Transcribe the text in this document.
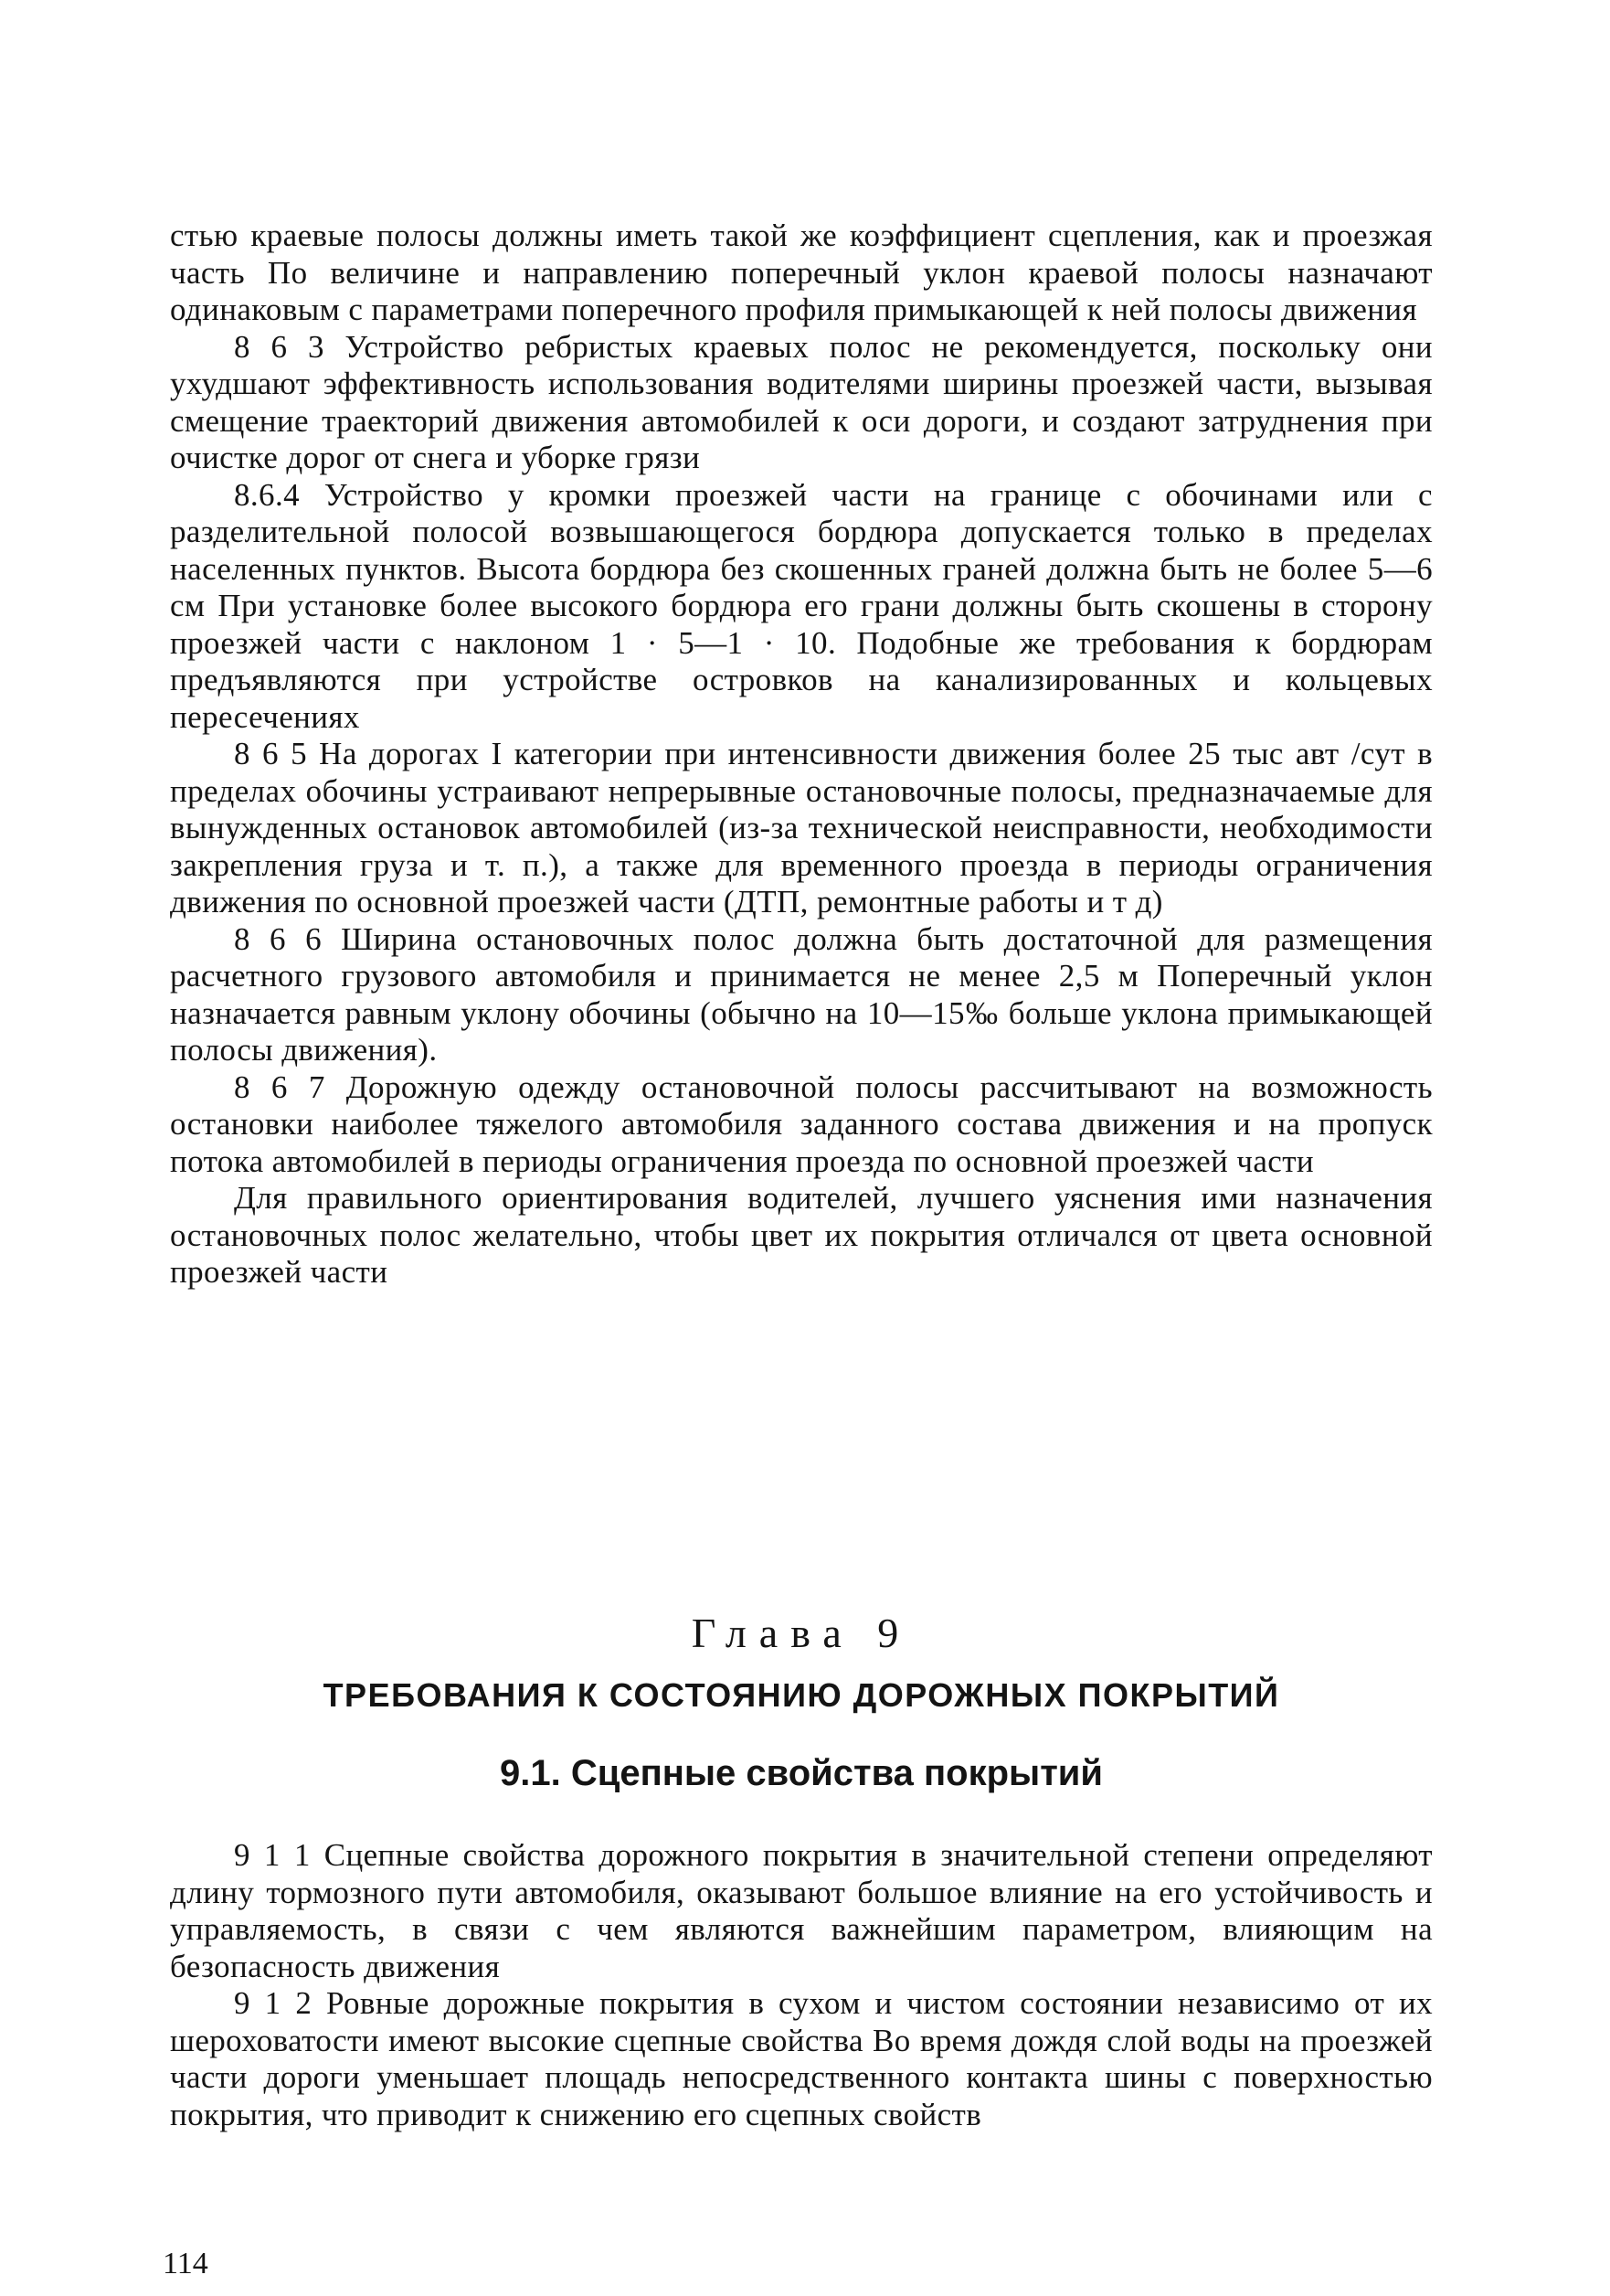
стью краевые полосы должны иметь такой же коэффициент сцепления, как и проезжая часть По величине и направлению поперечный уклон краевой полосы назначают одинаковым с параметрами поперечного профиля примыкающей к ней полосы движения

8 6 3 Устройство ребристых краевых полос не рекомендуется, поскольку они ухудшают эффективность использования водителями ширины проезжей части, вызывая смещение траекторий движения автомобилей к оси дороги, и создают затруднения при очистке дорог от снега и уборке грязи

8.6.4 Устройство у кромки проезжей части на границе с обочинами или с разделительной полосой возвышающегося бордюра допускается только в пределах населенных пунктов. Высота бордюра без скошенных граней должна быть не более 5—6 см При установке более высокого бордюра его грани должны быть скошены в сторону проезжей части с наклоном 1 · 5—1 · 10. Подобные же требования к бордюрам предъявляются при устройстве островков на канализированных и кольцевых пересечениях

8 6 5 На дорогах I категории при интенсивности движения более 25 тыс авт /сут в пределах обочины устраивают непрерывные остановочные полосы, предназначаемые для вынужденных остановок автомобилей (из-за технической неисправности, необходимости закрепления груза и т. п.), а также для временного проезда в периоды ограничения движения по основной проезжей части (ДТП, ремонтные работы и т д)

8 6 6 Ширина остановочных полос должна быть достаточной для размещения расчетного грузового автомобиля и принимается не менее 2,5 м Поперечный уклон назначается равным уклону обочины (обычно на 10—15‰ больше уклона примыкающей полосы движения).

8 6 7 Дорожную одежду остановочной полосы рассчитывают на возможность остановки наиболее тяжелого автомобиля заданного состава движения и на пропуск потока автомобилей в периоды ограничения проезда по основной проезжей части

Для правильного ориентирования водителей, лучшего уяснения ими назначения остановочных полос желательно, чтобы цвет их покрытия отличался от цвета основной проезжей части

Глава 9
ТРЕБОВАНИЯ К СОСТОЯНИЮ ДОРОЖНЫХ ПОКРЫТИЙ
9.1. Сцепные свойства покрытий

9 1 1 Сцепные свойства дорожного покрытия в значительной степени определяют длину тормозного пути автомобиля, оказывают большое влияние на его устойчивость и управляемость, в связи с чем являются важнейшим параметром, влияющим на безопасность движения

9 1 2 Ровные дорожные покрытия в сухом и чистом состоянии независимо от их шероховатости имеют высокие сцепные свойства Во время дождя слой воды на проезжей части дороги уменьшает площадь непосредственного контакта шины с поверхностью покрытия, что приводит к снижению его сцепных свойств

114
